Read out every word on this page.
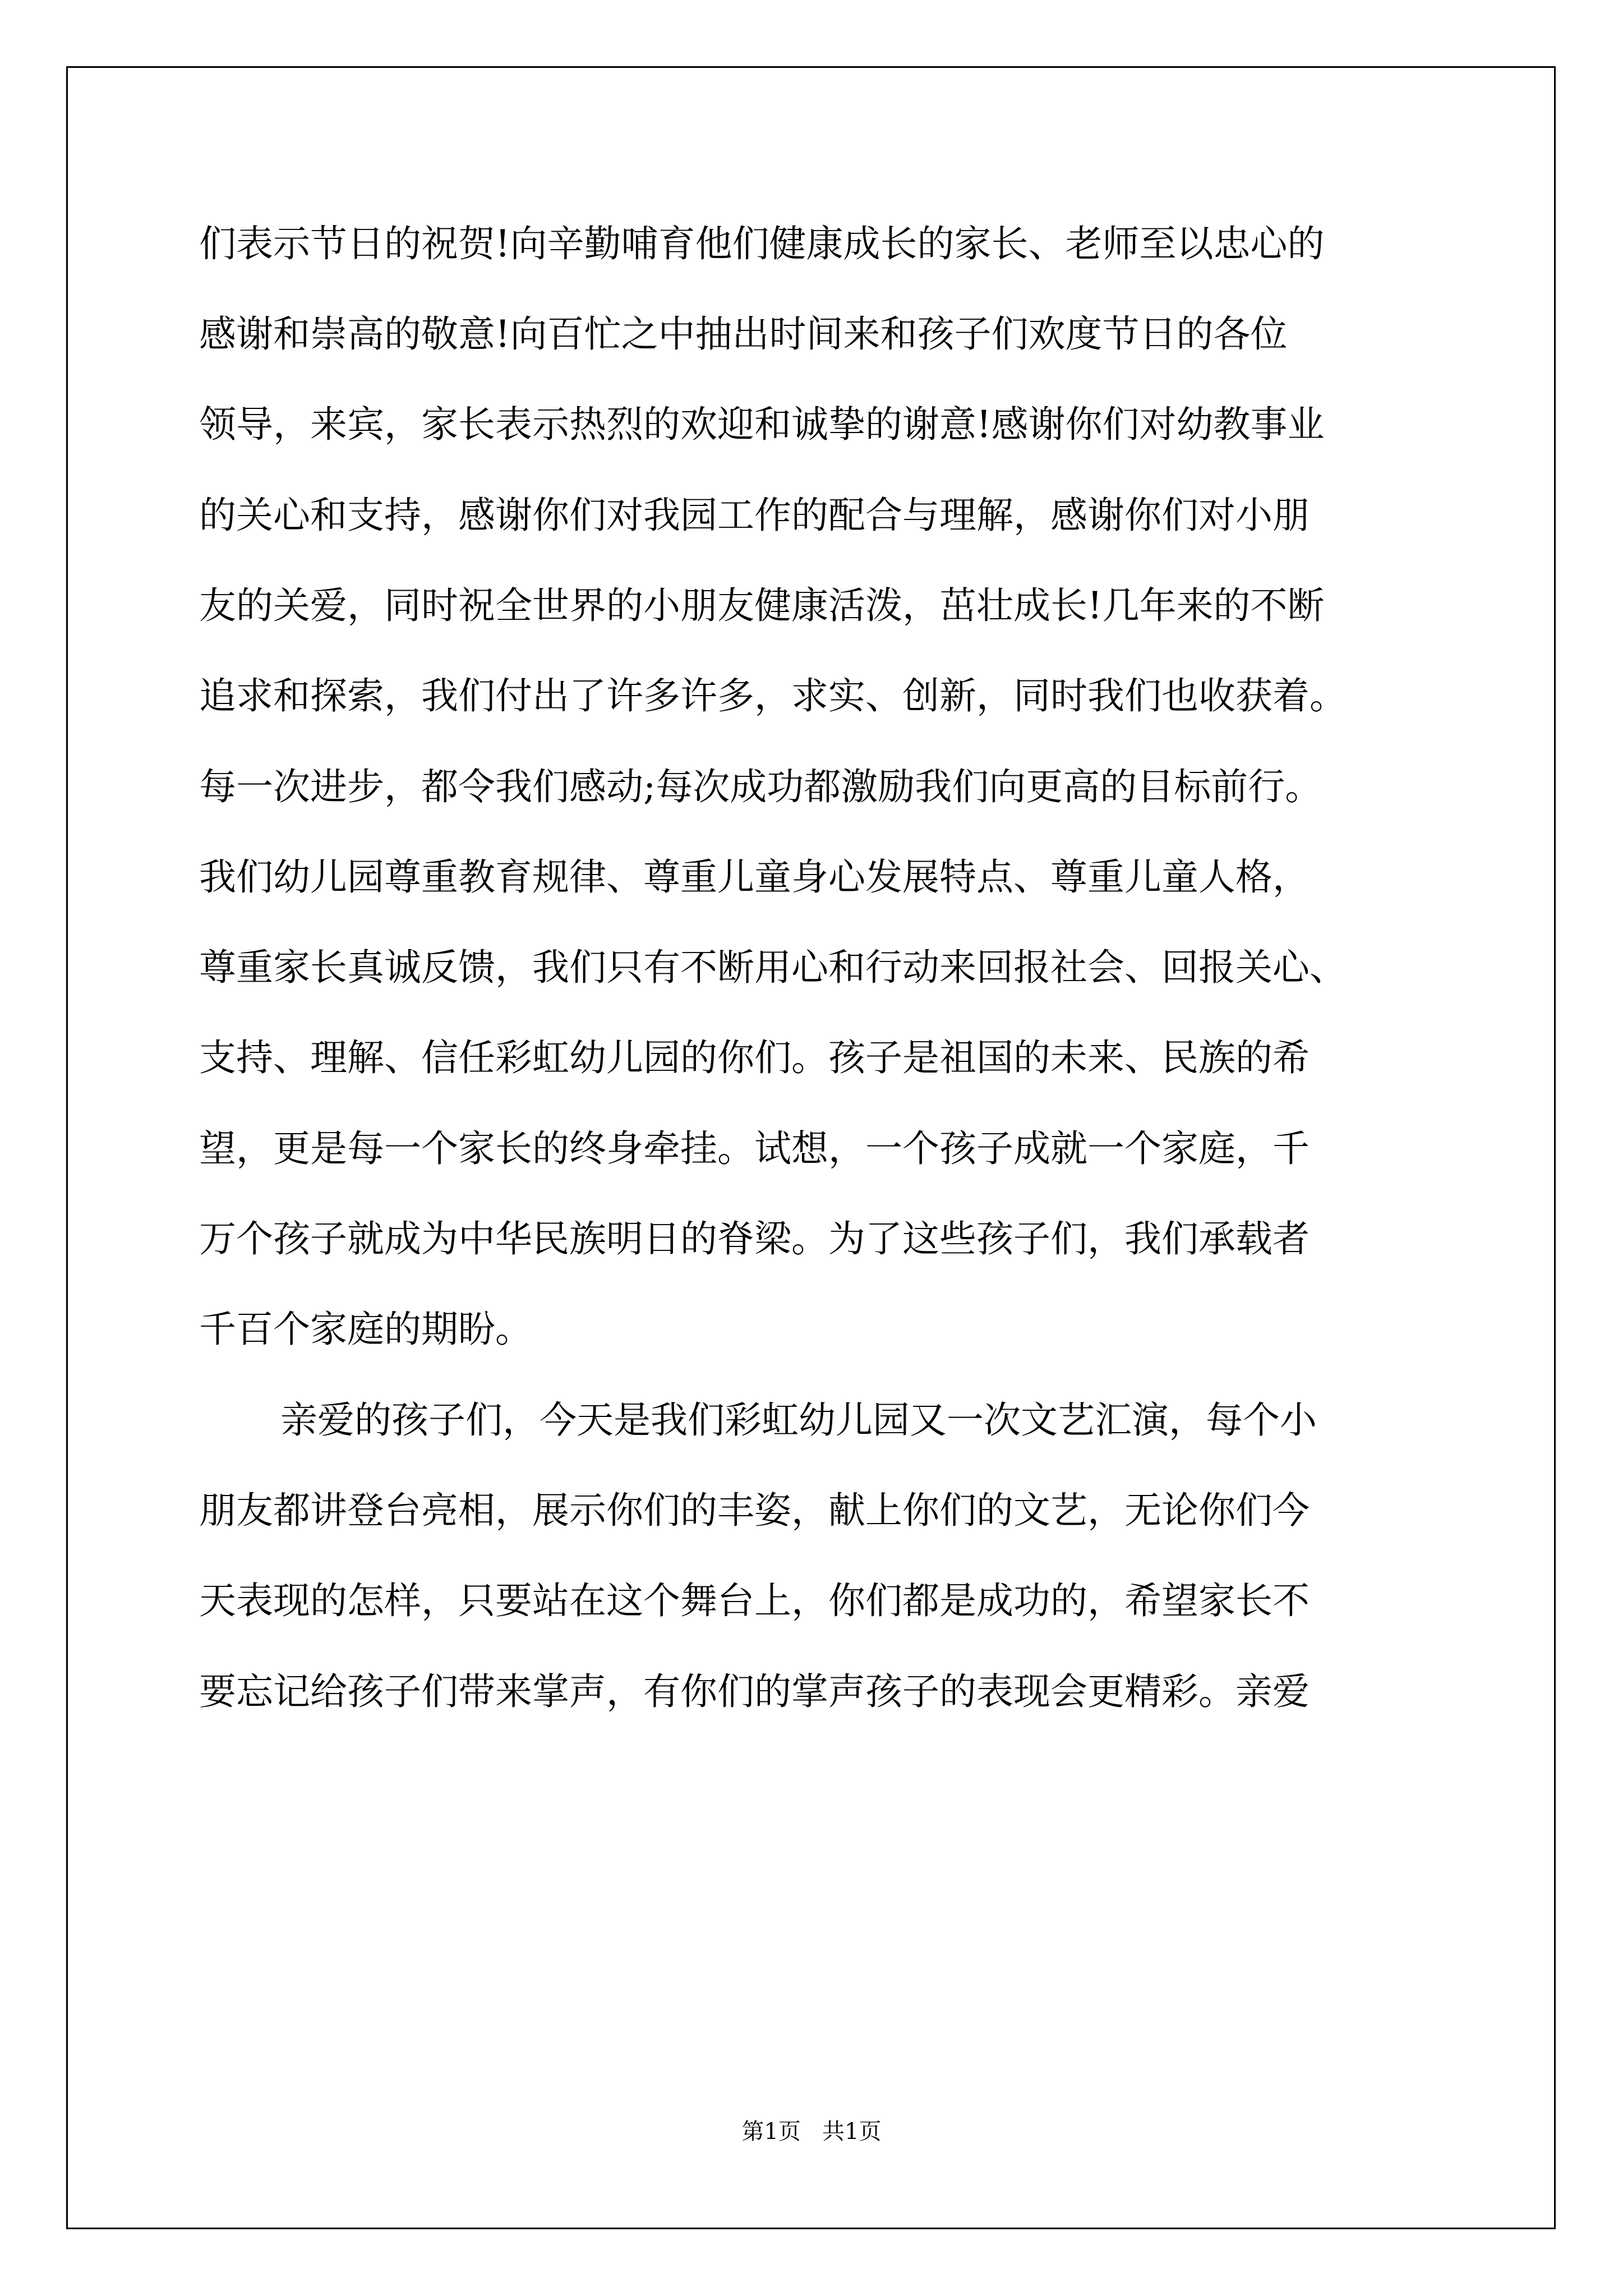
们表示节日的祝贺!向辛勤哺育他们健康成长的家长、老师至以忠心的
感谢和崇高的敬意!向百忙之中抽出时间来和孩子们欢度节日的各位
领导，来宾，家长表示热烈的欢迎和诚挚的谢意!感谢你们对幼教事业
的关心和支持，感谢你们对我园工作的配合与理解，感谢你们对小朋
友的关爱，同时祝全世界的小朋友健康活泼，茁壮成长!几年来的不断
追求和探索，我们付出了许多许多，求实、创新，同时我们也收获着。
每一次进步，都令我们感动;每次成功都激励我们向更高的目标前行。
我们幼儿园尊重教育规律、尊重儿童身心发展特点、尊重儿童人格，
尊重家长真诚反馈，我们只有不断用心和行动来回报社会、回报关心、
支持、理解、信任彩虹幼儿园的你们。孩子是祖国的未来、民族的希
望，更是每一个家长的终身牵挂。试想，一个孩子成就一个家庭，千
万个孩子就成为中华民族明日的脊梁。为了这些孩子们，我们承载者
千百个家庭的期盼。
亲爱的孩子们，今天是我们彩虹幼儿园又一次文艺汇演，每个小
朋友都讲登台亮相，展示你们的丰姿，献上你们的文艺，无论你们今
天表现的怎样，只要站在这个舞台上，你们都是成功的，希望家长不
要忘记给孩子们带来掌声，有你们的掌声孩子的表现会更精彩。亲爱
第1页   共1页
